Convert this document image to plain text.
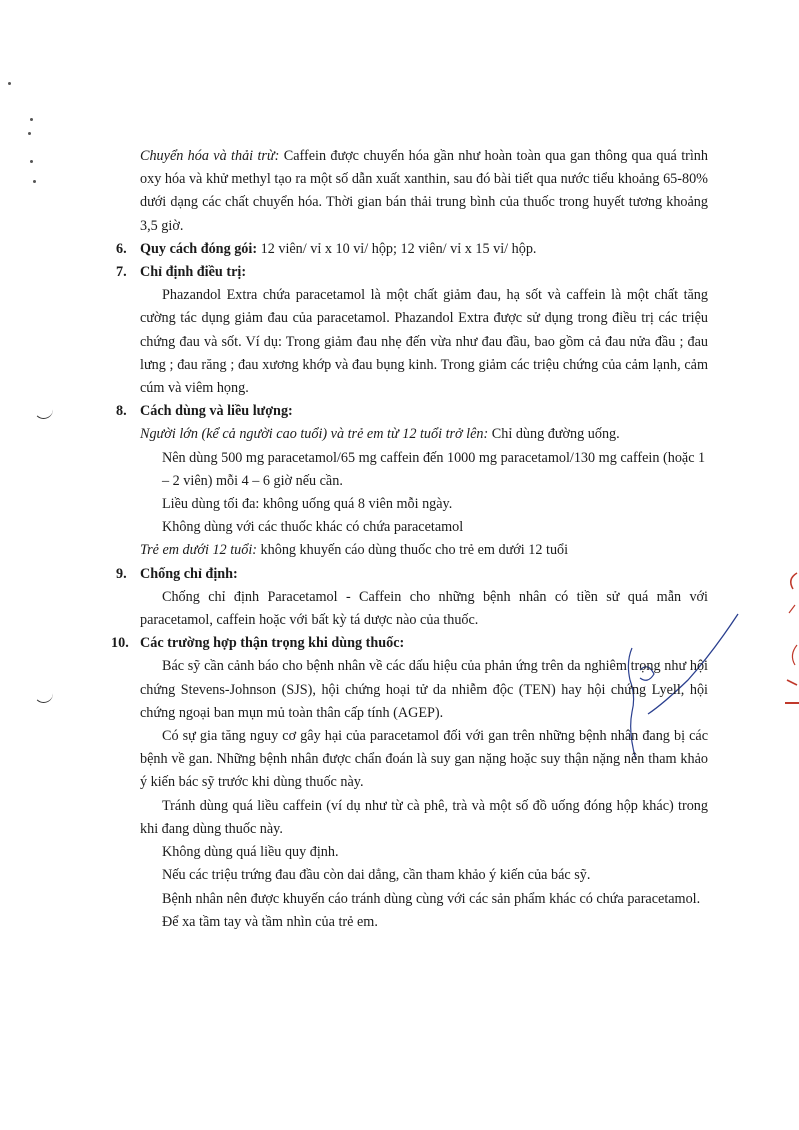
Chuyển hóa và thải trừ: Caffein được chuyển hóa gần như hoàn toàn qua gan thông qua quá trình oxy hóa và khử methyl tạo ra một số dẫn xuất xanthin, sau đó bài tiết qua nước tiểu khoảng 65-80% dưới dạng các chất chuyển hóa. Thời gian bán thải trung bình của thuốc trong huyết tương khoảng 3,5 giờ.

6. Quy cách đóng gói: 12 viên/ vỉ x 10 vỉ/ hộp; 12 viên/ vỉ x 15 vỉ/ hộp.

7. Chỉ định điều trị:

Phazandol Extra chứa paracetamol là một chất giảm đau, hạ sốt và caffein là một chất tăng cường tác dụng giảm đau của paracetamol. Phazandol Extra được sử dụng trong điều trị các triệu chứng đau và sốt. Ví dụ: Trong giảm đau nhẹ đến vừa như đau đầu, bao gồm cả đau nửa đầu ; đau lưng ; đau răng ; đau xương khớp và đau bụng kinh. Trong giảm các triệu chứng của cảm lạnh, cảm cúm và viêm họng.

8. Cách dùng và liều lượng:

Người lớn (kể cả người cao tuổi) và trẻ em từ 12 tuổi trở lên: Chỉ dùng đường uống.

Nên dùng 500 mg paracetamol/65 mg caffein đến 1000 mg paracetamol/130 mg caffein (hoặc 1 – 2 viên) mỗi 4 – 6 giờ nếu cần.

Liều dùng tối đa: không uống quá 8 viên mỗi ngày.

Không dùng với các thuốc khác có chứa paracetamol

Trẻ em dưới 12 tuổi: không khuyến cáo dùng thuốc cho trẻ em dưới 12 tuổi

9. Chống chỉ định:

Chống chỉ định Paracetamol - Caffein cho những bệnh nhân có tiền sử quá mẫn với paracetamol, caffein hoặc với bất kỳ tá dược nào của thuốc.

10. Các trường hợp thận trọng khi dùng thuốc:

Bác sỹ cần cảnh báo cho bệnh nhân về các dấu hiệu của phản ứng trên da nghiêm trọng như hội chứng Stevens-Johnson (SJS), hội chứng hoại tử da nhiễm độc (TEN) hay hội chứng Lyell, hội chứng ngoại ban mụn mủ toàn thân cấp tính (AGEP).

Có sự gia tăng nguy cơ gây hại của paracetamol đối với gan trên những bệnh nhân đang bị các bệnh về gan. Những bệnh nhân được chẩn đoán là suy gan nặng hoặc suy thận nặng nên tham khảo ý kiến bác sỹ trước khi dùng thuốc này.

Tránh dùng quá liều caffein (ví dụ như từ cà phê, trà và một số đồ uống đóng hộp khác) trong khi đang dùng thuốc này.

Không dùng quá liều quy định.

Nếu các triệu trứng đau đầu còn dai dẳng, cần tham khảo ý kiến của bác sỹ.

Bệnh nhân nên được khuyến cáo tránh dùng cùng với các sản phẩm khác có chứa paracetamol.

Để xa tầm tay và tầm nhìn của trẻ em.
